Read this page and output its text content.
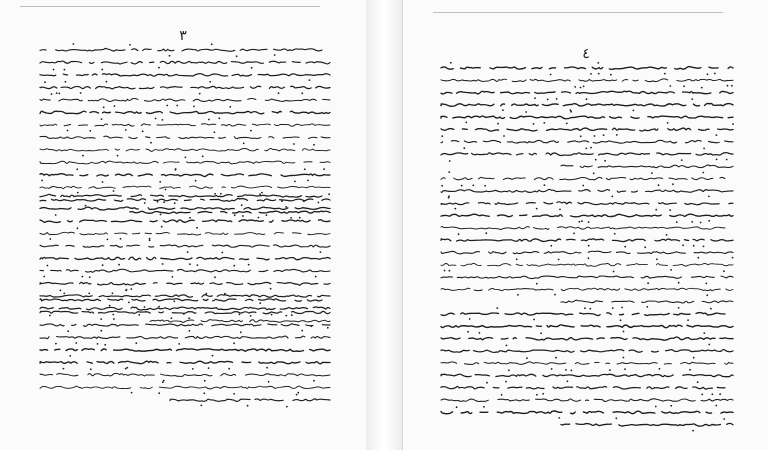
٣
٤
